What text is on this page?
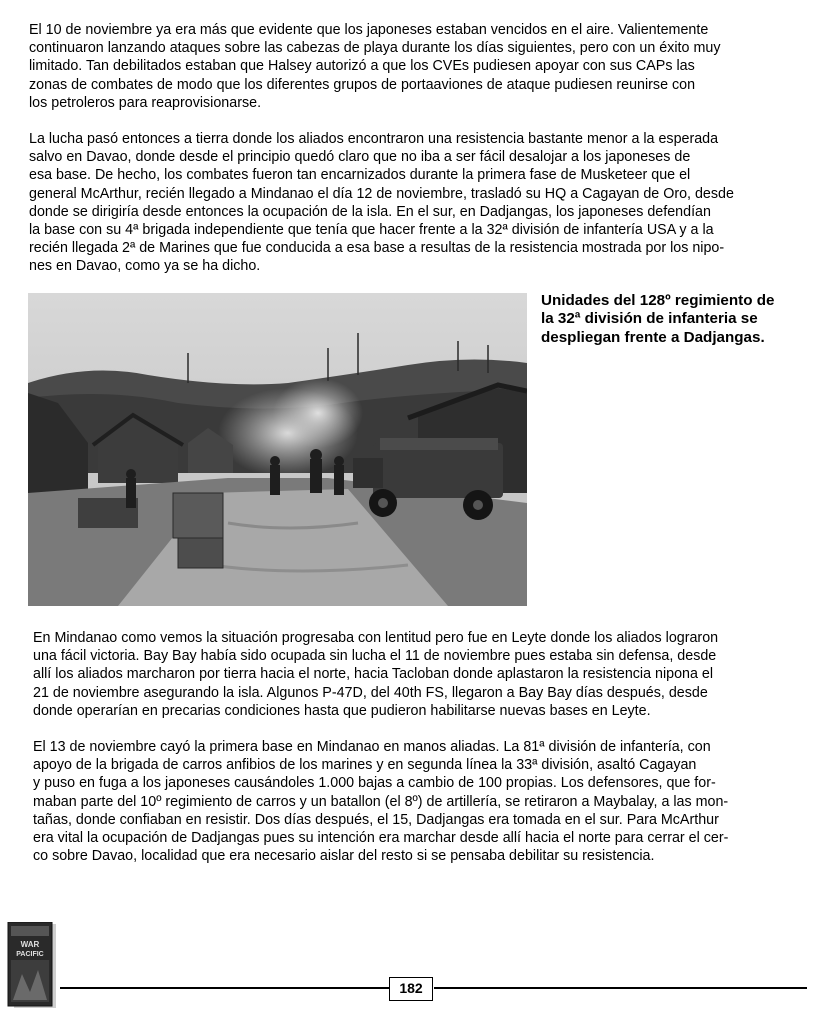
El 10 de noviembre ya era más que evidente que los japoneses estaban vencidos en el aire. Valientemente
continuaron lanzando ataques sobre las cabezas de playa durante los días siguientes, pero con un éxito muy
limitado. Tan debilitados estaban que Halsey autorizó a que los CVEs pudiesen apoyar con sus CAPs las
zonas de combates de modo que los diferentes grupos de portaaviones de ataque pudiesen reunirse con
los petroleros para reaprovisionarse.
La lucha pasó entonces a tierra donde los aliados encontraron una resistencia bastante menor a la esperada
salvo en Davao, donde desde el principio quedó claro que no iba a ser fácil desalojar a los japoneses de
esa base. De hecho, los combates fueron tan encarnizados durante la primera fase de Musketeer que el
general McArthur, recién llegado a Mindanao el día 12 de noviembre, trasladó su HQ a Cagayan de Oro, desde
donde se dirigiría desde entonces la ocupación de la isla. En el sur, en Dadjangas, los japoneses defendían
la base con su 4ª brigada independiente que tenía que hacer frente a la 32ª división de infantería USA y a la
recién llegada 2ª de Marines que fue conducida a esa base a resultas de la resistencia mostrada por los nipo-
nes en Davao, como ya se ha dicho.
Unidades del 128º regimiento de
la 32ª división de infanteria se
despliegan frente a Dadjangas.
En Mindanao como vemos la situación progresaba con lentitud pero fue en Leyte donde los aliados lograron
una fácil victoria. Bay Bay había sido ocupada sin lucha el 11 de noviembre pues estaba sin defensa, desde
allí los aliados marcharon por tierra hacia el norte, hacia Tacloban donde aplastaron la resistencia nipona el
21 de noviembre asegurando la isla. Algunos P-47D, del 40th FS, llegaron a Bay Bay días después, desde
donde operarían en precarias condiciones hasta que pudieron habilitarse nuevas bases en Leyte.
El 13 de noviembre cayó la primera base en Mindanao en manos aliadas. La 81ª división de infantería, con
apoyo de la brigada de carros anfibios de los marines y en segunda línea la 33ª división, asaltó Cagayan
y puso en fuga a los japoneses causándoles 1.000 bajas a cambio de 100 propias. Los defensores, que for-
maban parte del 10º regimiento de carros y un batallon (el 8º) de artillería, se retiraron a Maybalay, a las mon-
tañas, donde confiaban en resistir. Dos días después, el 15, Dadjangas era tomada en el sur. Para McArthur
era vital la ocupación de Dadjangas pues su intención era marchar desde allí hacia el norte para cerrar el cer-
co sobre Davao, localidad que era necesario aislar del resto si se pensaba debilitar su resistencia.
WAR
PACIFIC
182
